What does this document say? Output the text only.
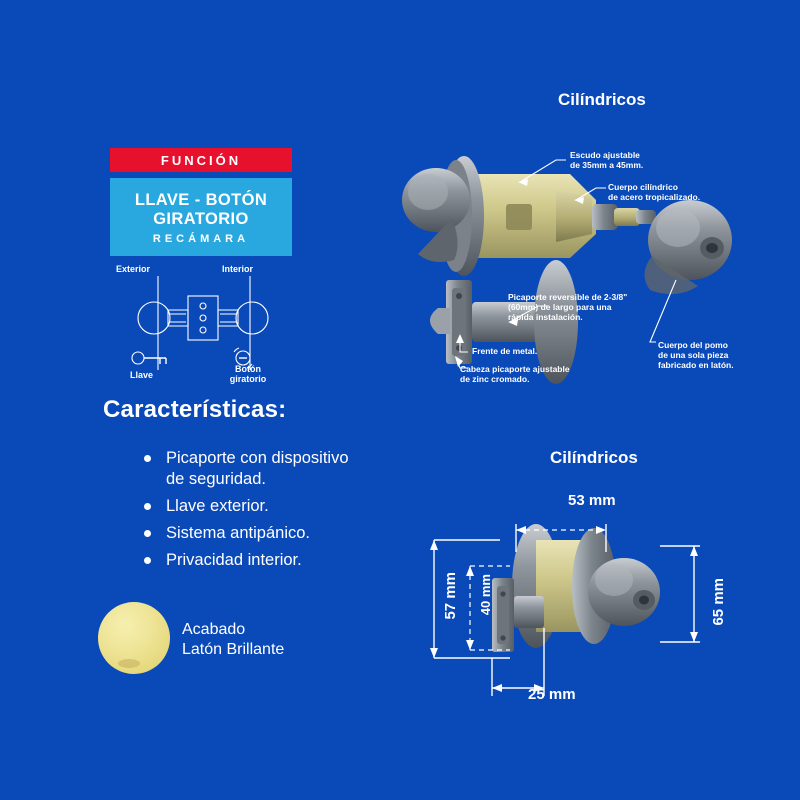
FUNCIÓN
LLAVE - BOTÓN
GIRATORIO
RECÁMARA
Exterior	Interior
Llave
Botón
giratorio
Características:
Picaporte con dispositivo de seguridad.
Llave exterior.
Sistema antipánico.
Privacidad interior.
Acabado
Latón Brillante
Cilíndricos
Escudo ajustable
de 35mm a 45mm.
Cuerpo cilíndrico
de acero tropicalizado.
Picaporte reversible de 2-3/8"
(60mm) de largo para una
rápida instalación.
Frente de metal.
Cabeza picaporte ajustable
de zinc cromado.
Cuerpo del pomo
de una sola pieza
fabricado en latón.
Cilíndricos
53 mm
57 mm 40 mm	65 mm
25 mm
